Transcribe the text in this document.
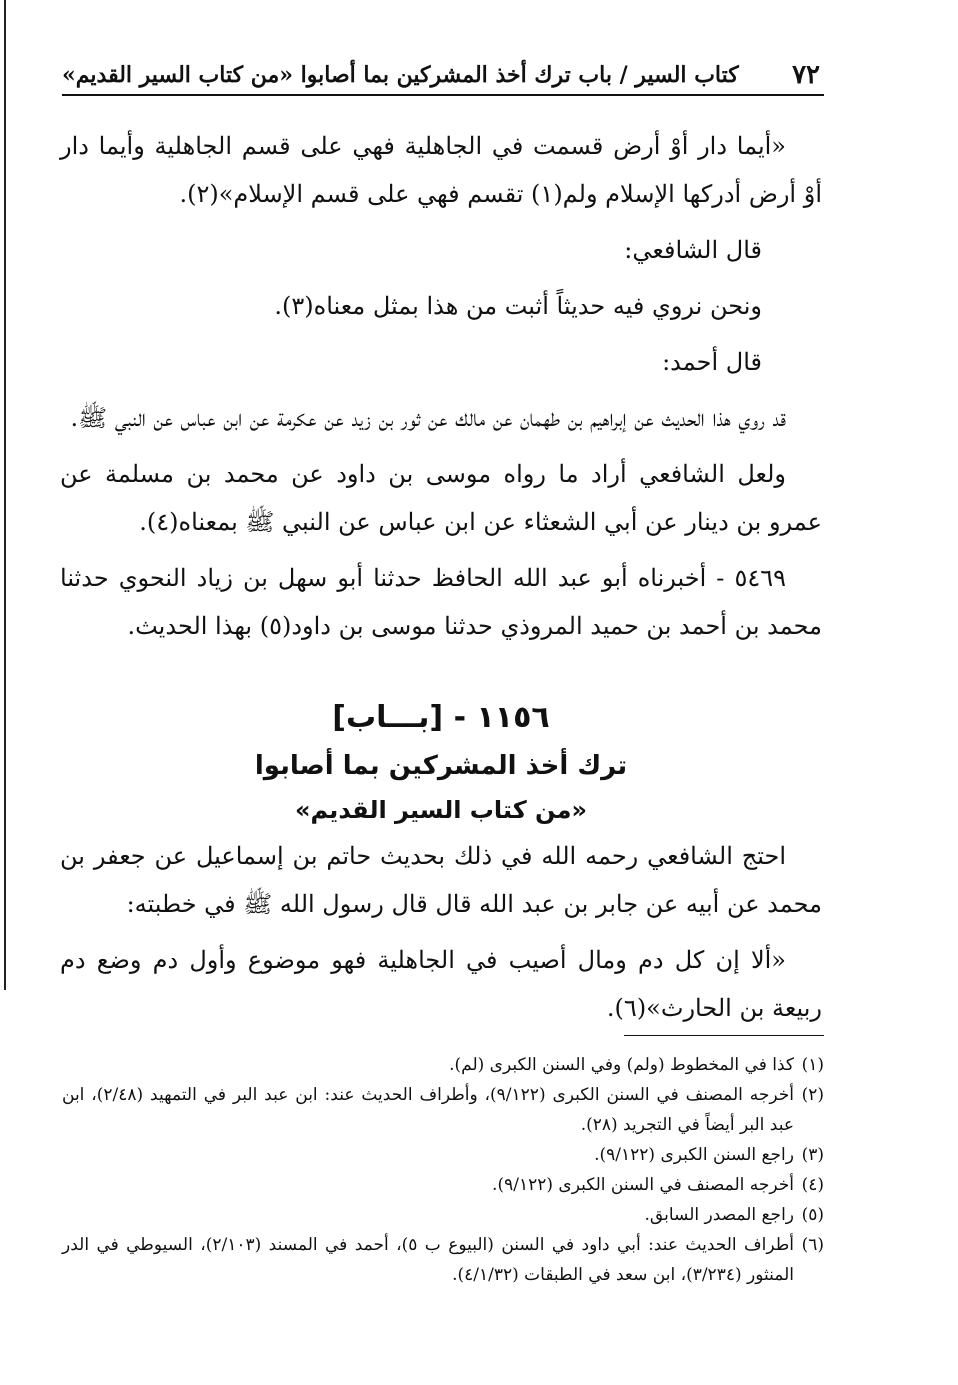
٧٢
كتاب السير / باب ترك أخذ المشركين بما أصابوا «من كتاب السير القديم»

«أيما دار أوْ أرض قسمت في الجاهلية فهي على قسم الجاهلية وأيما دار أوْ أرض أدركها الإسلام ولم(١) تقسم فهي على قسم الإسلام»(٢).

قال الشافعي:

ونحن نروي فيه حديثاً أثبت من هذا بمثل معناه(٣).

قال أحمد:

قد روي هذا الحديث عن إبراهيم بن طهمان عن مالك عن ثور بن زيد عن عكرمة عن ابن عباس عن النبي ﷺ.

ولعل الشافعي أراد ما رواه موسى بن داود عن محمد بن مسلمة عن عمرو بن دينار عن أبي الشعثاء عن ابن عباس عن النبي ﷺ بمعناه(٤).

٥٤٦٩ - أخبرناه أبو عبد الله الحافظ حدثنا أبو سهل بن زياد النحوي حدثنا محمد بن أحمد بن حميد المروذي حدثنا موسى بن داود(٥) بهذا الحديث.

١١٥٦ - [بـــاب]
ترك أخذ المشركين بما أصابوا
«من كتاب السير القديم»

احتج الشافعي رحمه الله في ذلك بحديث حاتم بن إسماعيل عن جعفر بن محمد عن أبيه عن جابر بن عبد الله قال قال رسول الله ﷺ في خطبته:

«ألا إن كل دم ومال أصيب في الجاهلية فهو موضوع وأول دم وضع دم ربيعة بن الحارث»(٦).

(١)
كذا في المخطوط (ولم) وفي السنن الكبرى (لم).

(٢)
أخرجه المصنف في السنن الكبرى (٩/١٢٢)، وأطراف الحديث عند: ابن عبد البر في التمهيد (٢/٤٨)، ابن عبد البر أيضاً في التجريد (٢٨).

(٣)
راجع السنن الكبرى (٩/١٢٢).

(٤)
أخرجه المصنف في السنن الكبرى (٩/١٢٢).

(٥)
راجع المصدر السابق.

(٦)
أطراف الحديث عند: أبي داود في السنن (البيوع ب ٥)، أحمد في المسند (٢/١٠٣)، السيوطي في الدر المنثور (٣/٢٣٤)، ابن سعد في الطبقات (٤/١/٣٢).
